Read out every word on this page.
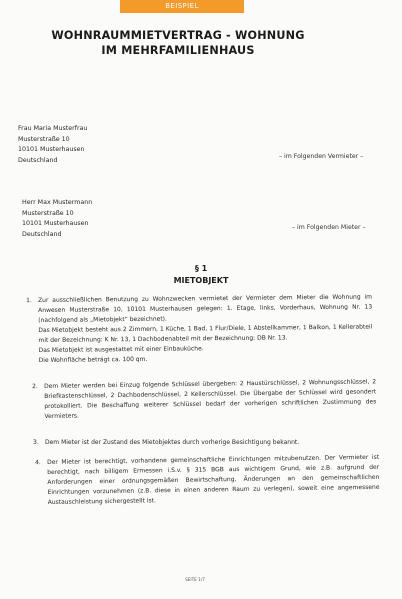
BEISPIEL
WOHNRAUMMIETVERTRAG - WOHNUNG IM MEHRFAMILIENHAUS
Frau Maria Musterfrau
Musterstraße 10
10101 Musterhausen
Deutschland	– im Folgenden Vermieter –
Herr Max Mustermann
Musterstraße 10
10101 Musterhausen
Deutschland
– im Folgenden Mieter –
§ 1
MIETOBJEKT
1. Zur ausschließlichen Benutzung zu Wohnzwecken vermietet der Vermieter dem Mieter die Wohnung im Anwesen Musterstraße 10, 10101 Musterhausen gelegen: 1. Etage, links, Vorderhaus, Wohnung Nr. 13 (nachfolgend als „Mietobjekt“ bezeichnet).
Das Mietobjekt besteht aus 2 Zimmern, 1 Küche, 1 Bad, 1 Flur/Diele, 1 Abstellkammer, 1 Balkon, 1 Kellerabteil mit der Bezeichnung: K Nr. 13, 1 Dachbodenabteil mit der Bezeichnung: DB Nr. 13.
Das Mietobjekt ist ausgestattet mit einer Einbauküche.
Die Wohnfläche beträgt ca. 100 qm.
2. Dem Mieter werden bei Einzug folgende Schlüssel übergeben: 2 Haustürschlüssel, 2 Wohnungsschlüssel, 2 Briefkastenschlüssel, 2 Dachbodenschlüssel, 2 Kellerschlüssel. Die Übergabe der Schlüssel wird gesondert protokolliert. Die Beschaffung weiterer Schlüssel bedarf der vorherigen schriftlichen Zustimmung des Vermieters.
3. Dem Mieter ist der Zustand des Mietobjektes durch vorherige Besichtigung bekannt.
4. Der Mieter ist berechtigt, vorhandene gemeinschaftliche Einrichtungen mitzubenutzen. Der Vermieter ist berechtigt, nach billigem Ermessen i.S.v. § 315 BGB aus wichtigem Grund, wie z.B. aufgrund der Anforderungen einer ordnungsgemäßen Bewirtschaftung, Änderungen an den gemeinschaftlichen Einrichtungen vorzunehmen (z.B. diese in einen anderen Raum zu verlegen), soweit eine angemessene Austauschleistung sichergestellt ist.
SEITE 1/7
